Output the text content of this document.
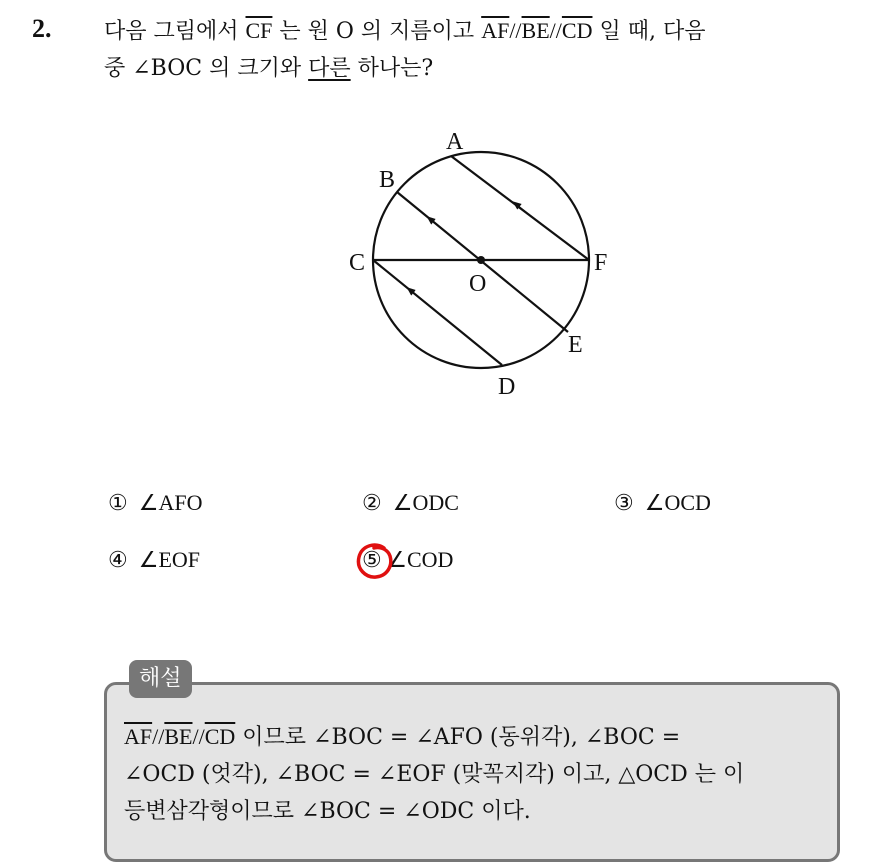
2. 다음 그림에서 $\overline{CF}$ 는 원 O 의 지름이고 $\overline{AF}//\overline{BE}//\overline{CD}$ 일 때, 다음
중 ∠BOC 의 크기와 다른 하나는?
A
B
C
O
F
E
D
① ∠AFO	② ∠ODC	③ ∠OCD
④ ∠EOF	⑤ ∠COD
해설
$\overline{AF}//\overline{BE}//\overline{CD}$ 이므로 ∠BOC = ∠AFO (동위각), ∠BOC =
∠OCD (엇각), ∠BOC = ∠EOF (맞꼭지각) 이고, △OCD 는 이
등변삼각형이므로 ∠BOC = ∠ODC 이다.
